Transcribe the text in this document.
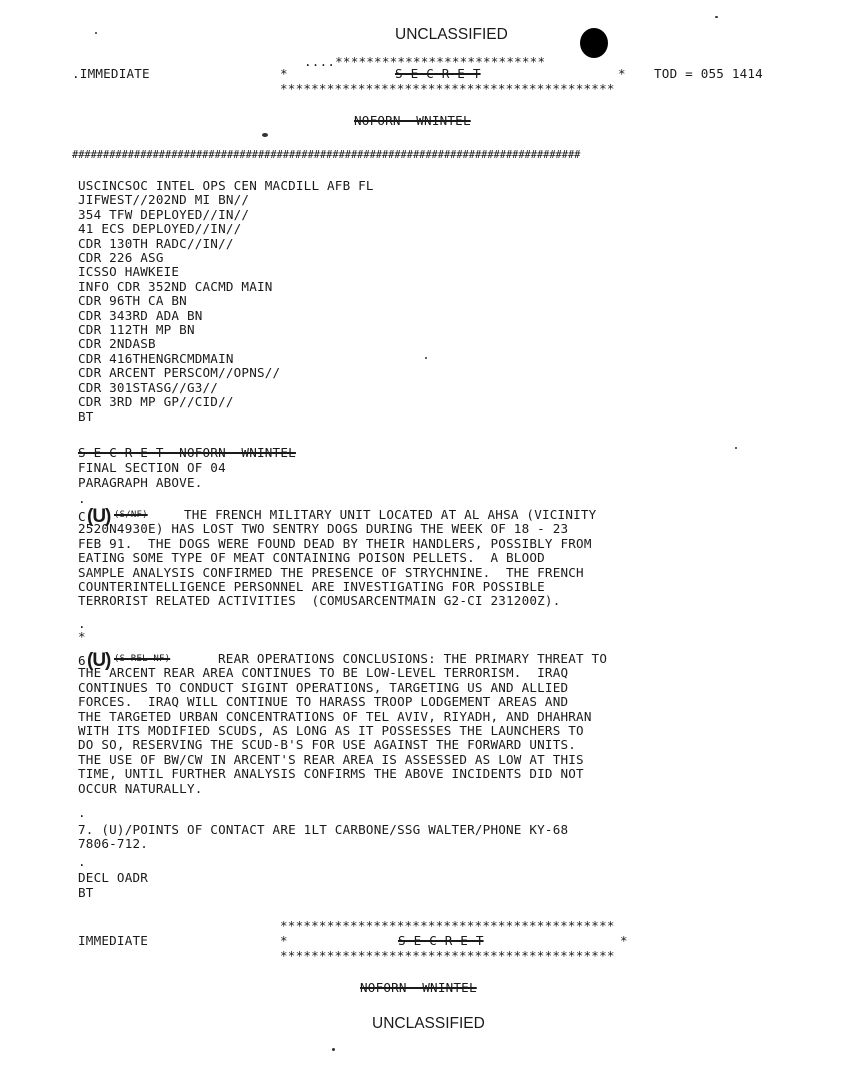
UNCLASSIFIED
....***************************
.IMMEDIATE	*	S E C R E T	* TOD = 055 1414
*******************************************
NOFORN  WNINTEL
##################################################################################
USCINCSOC INTEL OPS CEN MACDILL AFB FL
JIFWEST//202ND MI BN//
354 TFW DEPLOYED//IN//
41 ECS DEPLOYED//IN//
CDR 130TH RADC//IN//
CDR 226 ASG
ICSSO HAWKEIE
INFO CDR 352ND CACMD MAIN
CDR 96TH CA BN
CDR 343RD ADA BN
CDR 112TH MP BN
CDR 2NDASB
CDR 416THENGRCMDMAIN
CDR ARCENT PERSCOM//OPNS//
CDR 301STASG//G3//
CDR 3RD MP GP//CID//
BT
S E C R E T  NOFORN  WNINTEL
FINAL SECTION OF 04
PARAGRAPH ABOVE.
.
C (U) (S/NF)	THE FRENCH MILITARY UNIT LOCATED AT AL AHSA (VICINITY
2520N4930E) HAS LOST TWO SENTRY DOGS DURING THE WEEK OF 18 - 23
FEB 91.  THE DOGS WERE FOUND DEAD BY THEIR HANDLERS, POSSIBLY FROM
EATING SOME TYPE OF MEAT CONTAINING POISON PELLETS.  A BLOOD
SAMPLE ANALYSIS CONFIRMED THE PRESENCE OF STRYCHNINE.  THE FRENCH
COUNTERINTELLIGENCE PERSONNEL ARE INVESTIGATING FOR POSSIBLE
TERRORIST RELATED ACTIVITIES  (COMUSARCENTMAIN G2-CI 231200Z).
.
*
6 (U) (S REL NF)	REAR OPERATIONS CONCLUSIONS: THE PRIMARY THREAT TO
THE ARCENT REAR AREA CONTINUES TO BE LOW-LEVEL TERRORISM.  IRAQ
CONTINUES TO CONDUCT SIGINT OPERATIONS, TARGETING US AND ALLIED
FORCES.  IRAQ WILL CONTINUE TO HARASS TROOP LODGEMENT AREAS AND
THE TARGETED URBAN CONCENTRATIONS OF TEL AVIV, RIYADH, AND DHAHRAN
WITH ITS MODIFIED SCUDS, AS LONG AS IT POSSESSES THE LAUNCHERS TO
DO SO, RESERVING THE SCUD-B'S FOR USE AGAINST THE FORWARD UNITS.
THE USE OF BW/CW IN ARCENT'S REAR AREA IS ASSESSED AS LOW AT THIS
TIME, UNTIL FURTHER ANALYSIS CONFIRMS THE ABOVE INCIDENTS DID NOT
OCCUR NATURALLY.
.
7. (U)/POINTS OF CONTACT ARE 1LT CARBONE/SSG WALTER/PHONE KY-68
7806-712.
.
DECL OADR
BT
*******************************************
IMMEDIATE	*	S E C R E T	*
*******************************************
NOFORN  WNINTEL
UNCLASSIFIED
